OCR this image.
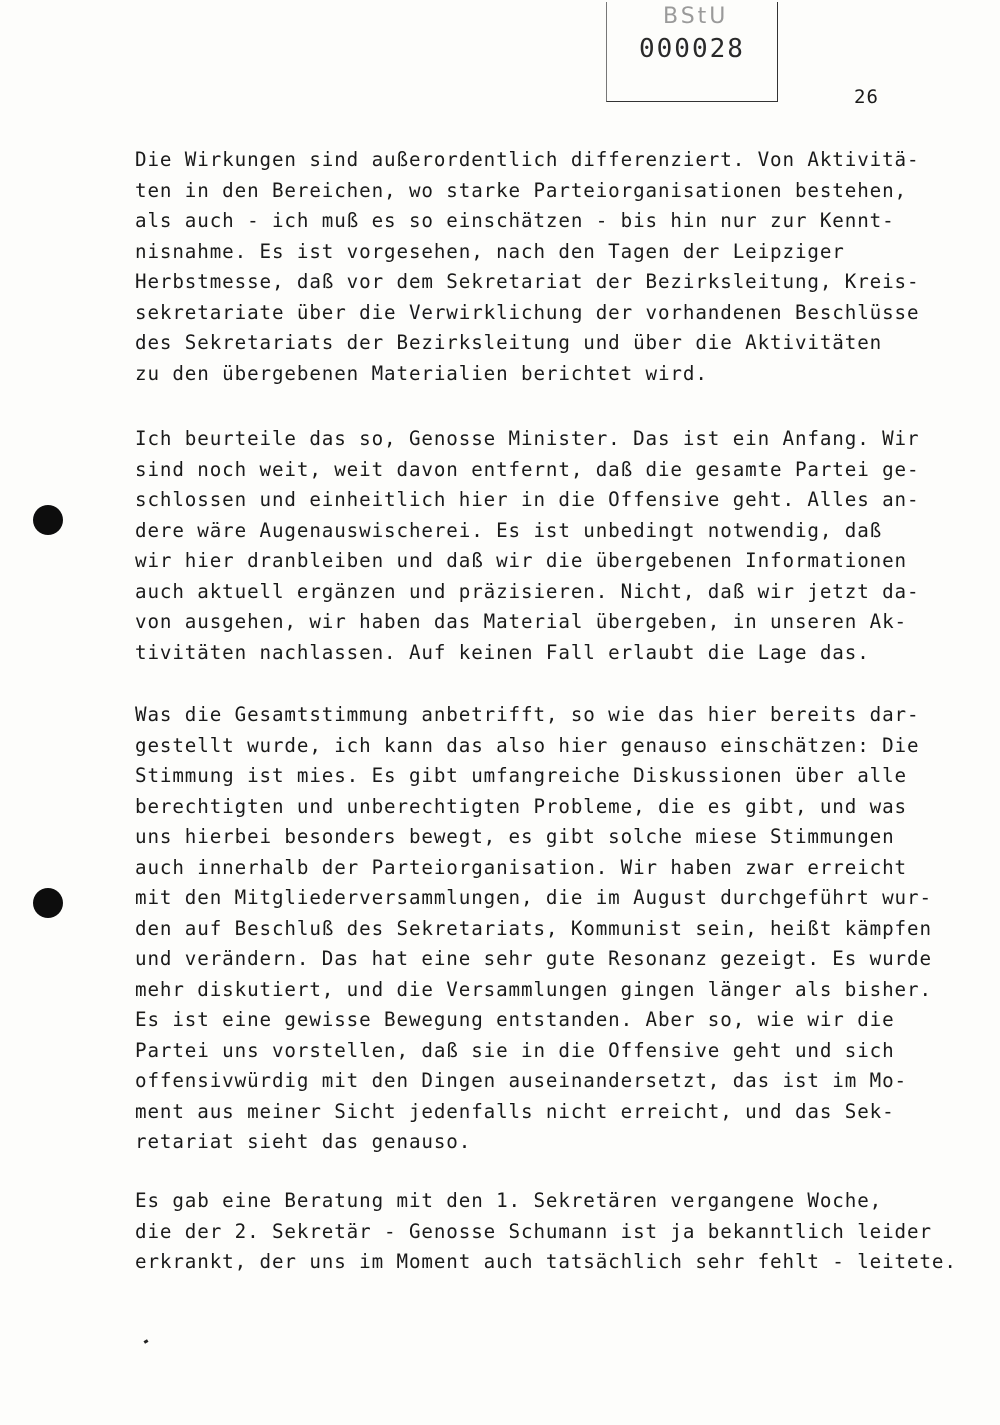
BStU
000028
26

Die Wirkungen sind außerordentlich differenziert. Von Aktivitä-
ten in den Bereichen, wo starke Parteiorganisationen bestehen,
als auch - ich muß es so einschätzen - bis hin nur zur Kennt-
nisnahme. Es ist vorgesehen, nach den Tagen der Leipziger
Herbstmesse, daß vor dem Sekretariat der Bezirksleitung, Kreis-
sekretariate über die Verwirklichung der vorhandenen Beschlüsse
des Sekretariats der Bezirksleitung und über die Aktivitäten
zu den übergebenen Materialien berichtet wird.

Ich beurteile das so, Genosse Minister. Das ist ein Anfang. Wir
sind noch weit, weit davon entfernt, daß die gesamte Partei ge-
schlossen und einheitlich hier in die Offensive geht. Alles an-
dere wäre Augenauswischerei. Es ist unbedingt notwendig, daß
wir hier dranbleiben und daß wir die übergebenen Informationen
auch aktuell ergänzen und präzisieren. Nicht, daß wir jetzt da-
von ausgehen, wir haben das Material übergeben, in unseren Ak-
tivitäten nachlassen. Auf keinen Fall erlaubt die Lage das.

Was die Gesamtstimmung anbetrifft, so wie das hier bereits dar-
gestellt wurde, ich kann das also hier genauso einschätzen: Die
Stimmung ist mies. Es gibt umfangreiche Diskussionen über alle
berechtigten und unberechtigten Probleme, die es gibt, und was
uns hierbei besonders bewegt, es gibt solche miese Stimmungen
auch innerhalb der Parteiorganisation. Wir haben zwar erreicht
mit den Mitgliederversammlungen, die im August durchgeführt wur-
den auf Beschluß des Sekretariats, Kommunist sein, heißt kämpfen
und verändern. Das hat eine sehr gute Resonanz gezeigt. Es wurde
mehr diskutiert, und die Versammlungen gingen länger als bisher.
Es ist eine gewisse Bewegung entstanden. Aber so, wie wir die
Partei uns vorstellen, daß sie in die Offensive geht und sich
offensivwürdig mit den Dingen auseinandersetzt, das ist im Mo-
ment aus meiner Sicht jedenfalls nicht erreicht, und das Sek-
retariat sieht das genauso.

Es gab eine Beratung mit den 1. Sekretären vergangene Woche,
die der 2. Sekretär - Genosse Schumann ist ja bekanntlich leider
erkrankt, der uns im Moment auch tatsächlich sehr fehlt - leitete.
